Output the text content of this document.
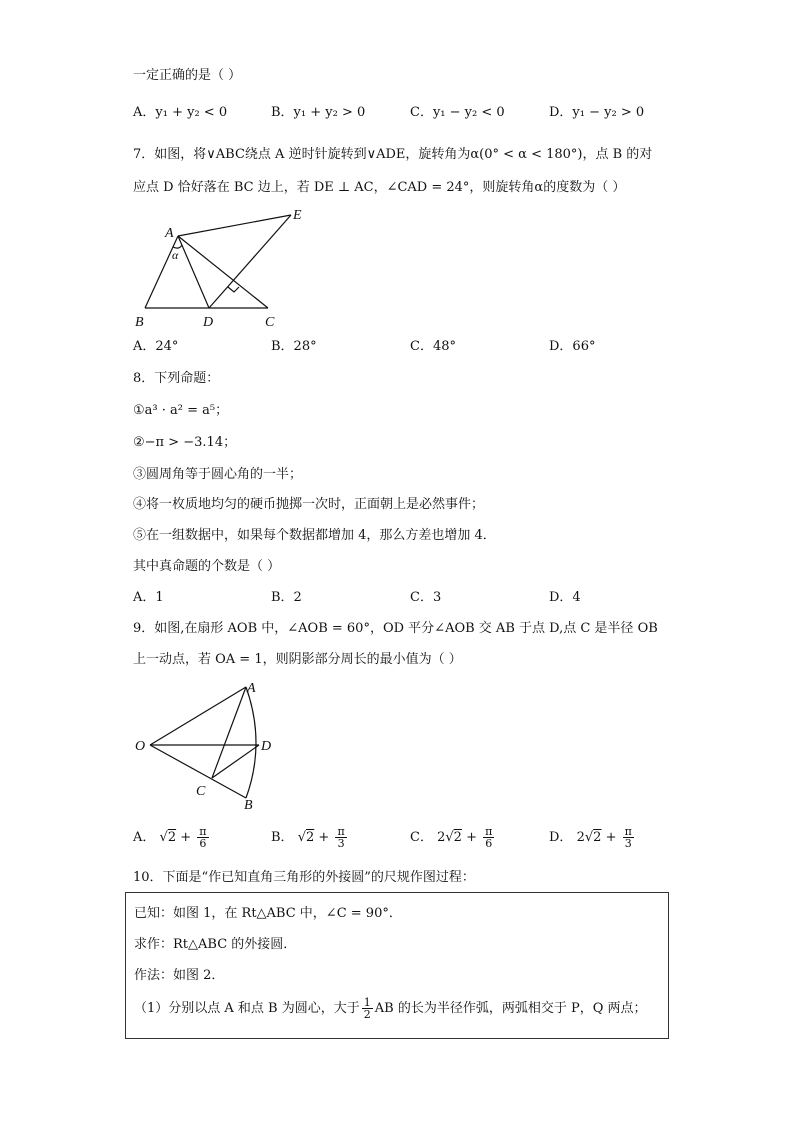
一定正确的是（ ）
A．y₁ + y₂ < 0	B．y₁ + y₂ > 0	C．y₁ − y₂ < 0	D．y₁ − y₂ > 0
7．如图，将∨ABC绕点 A 逆时针旋转到∨ADE，旋转角为α(0° < α < 180°)，点 B 的对
应点 D 恰好落在 BC 边上，若 DE ⊥ AC，∠CAD = 24°，则旋转角α的度数为（ ）
A
E
α
B	D	C
A．24°	B．28°	C．48°	D．66°
8．下列命题：
①a³ · a² = a⁵；
②−π > −3.14；
③圆周角等于圆心角的一半；
④将一枚质地均匀的硬币抛掷一次时，正面朝上是必然事件；
⑤在一组数据中，如果每个数据都增加 4，那么方差也增加 4．
其中真命题的个数是（ ）
A．1	B．2	C．3	D．4
9．如图,在扇形 AOB 中，∠AOB = 60°，OD 平分∠AOB 交 AB 于点 D,点 C 是半径 OB
上一动点，若 OA = 1，则阴影部分周长的最小值为（ ）
A
O	D
C
B
A． $√2 + \frac{\pi}{6}$	B． $√2 + \frac{\pi}{3}$	C． $2√2 + \frac{\pi}{6}$	D． $2√2 + \frac{\pi}{3}$
10．下面是“作已知直角三角形的外接圆”的尺规作图过程：
已知：如图 1，在 Rt△ABC 中，∠C = 90°．
求作：Rt△ABC 的外接圆．
作法：如图 2．
（1）分别以点 A 和点 B 为圆心，大于 $\frac{1}{2}$ AB 的长为半径作弧，两弧相交于 P，Q 两点；
